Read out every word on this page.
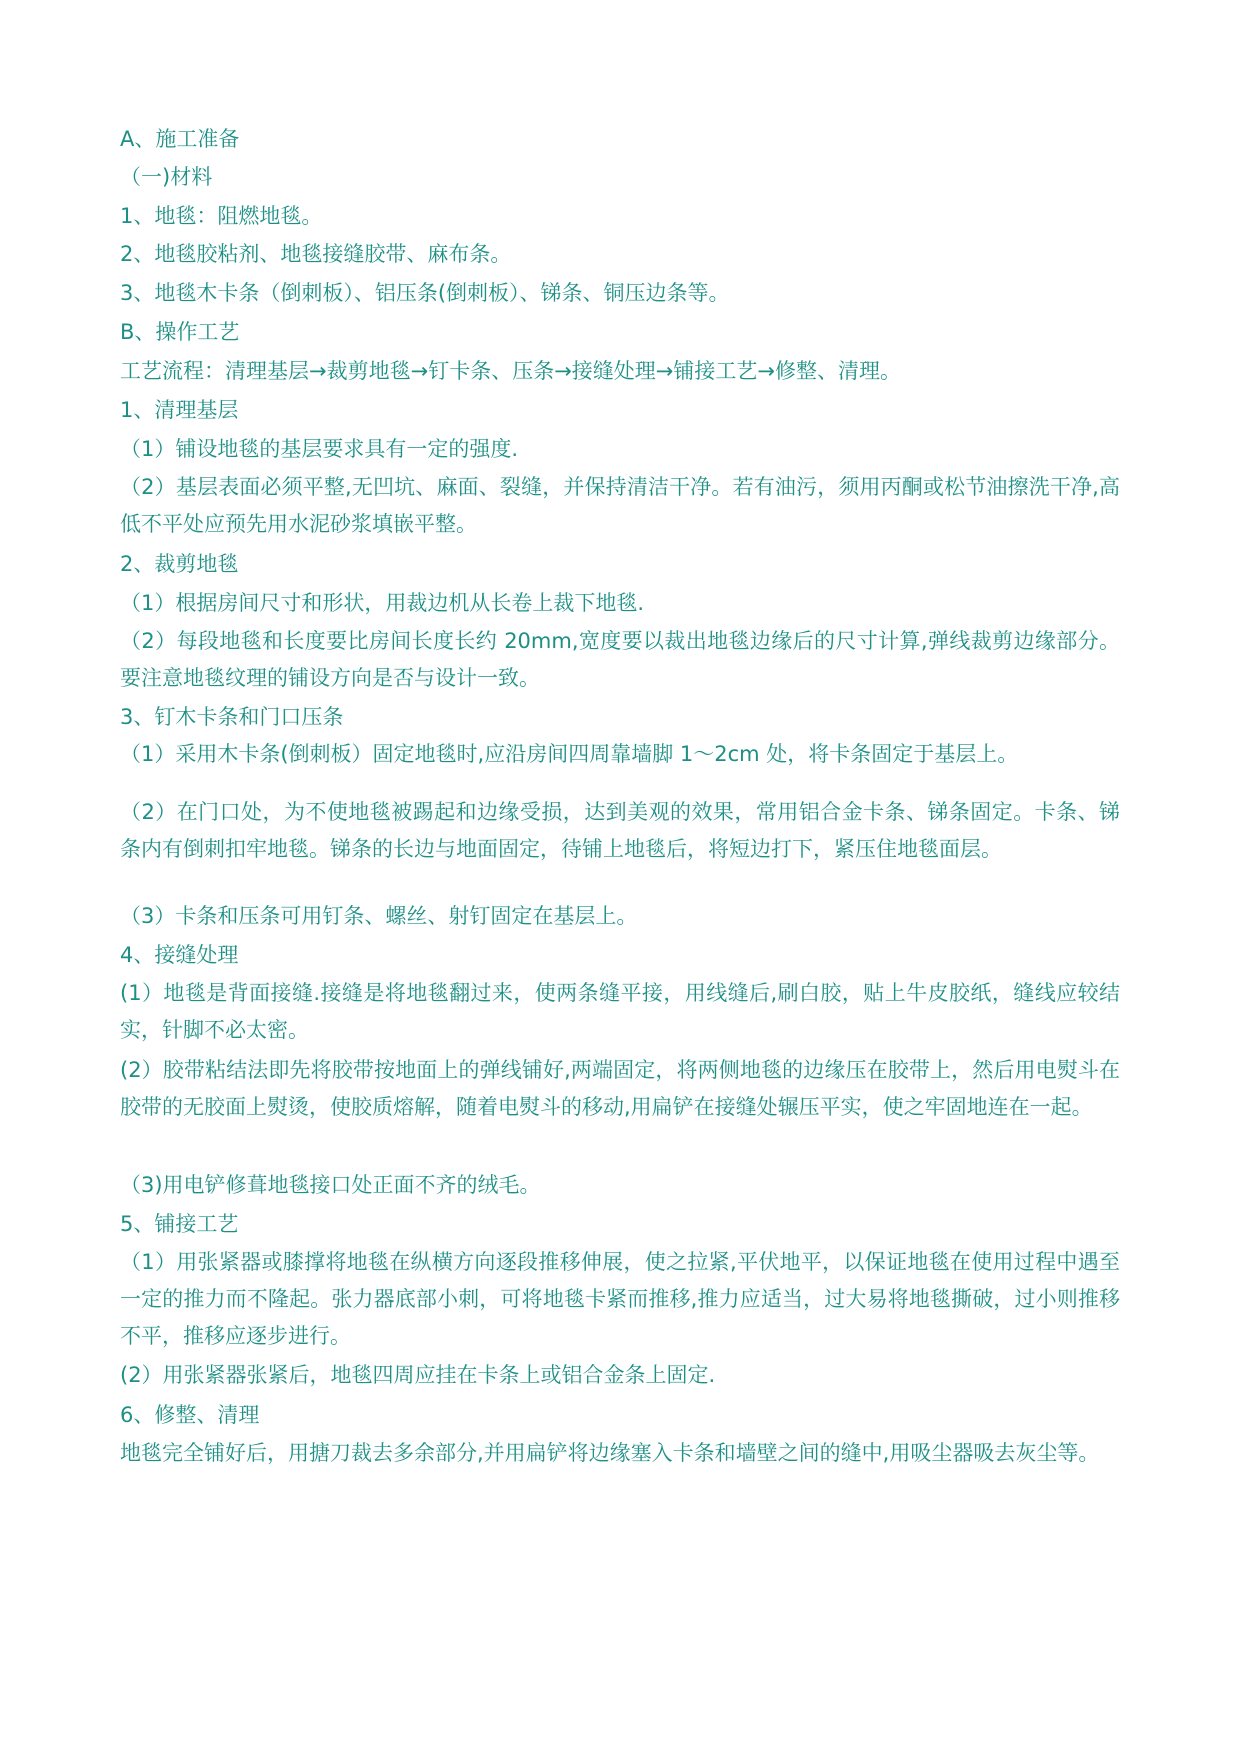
A、施工准备
（一)材料
1、地毯：阻燃地毯。
2、地毯胶粘剂、地毯接缝胶带、麻布条。
3、地毯木卡条（倒刺板）、铝压条(倒刺板）、锑条、铜压边条等。
B、操作工艺
工艺流程：清理基层→裁剪地毯→钉卡条、压条→接缝处理→铺接工艺→修整、清理。
1、清理基层
（1）铺设地毯的基层要求具有一定的强度.
（2）基层表面必须平整,无凹坑、麻面、裂缝，并保持清洁干净。若有油污，须用丙酮或松节油擦洗干净,高低不平处应预先用水泥砂浆填嵌平整。
2、裁剪地毯
（1）根据房间尺寸和形状，用裁边机从长卷上裁下地毯.
（2）每段地毯和长度要比房间长度长约 20mm,宽度要以裁出地毯边缘后的尺寸计算,弹线裁剪边缘部分。 要注意地毯纹理的铺设方向是否与设计一致。
3、钉木卡条和门口压条
（1）采用木卡条(倒刺板）固定地毯时,应沿房间四周靠墙脚 1～2cm 处，将卡条固定于基层上。
（2）在门口处，为不使地毯被踢起和边缘受损，达到美观的效果，常用铝合金卡条、锑条固定。卡条、锑条内有倒刺扣牢地毯。锑条的长边与地面固定，待铺上地毯后，将短边打下，紧压住地毯面层。
（3）卡条和压条可用钉条、螺丝、射钉固定在基层上。
4、接缝处理
(1）地毯是背面接缝.接缝是将地毯翻过来，使两条缝平接，用线缝后,刷白胶，贴上牛皮胶纸，缝线应较结实，针脚不必太密。
(2）胶带粘结法即先将胶带按地面上的弹线铺好,两端固定，将两侧地毯的边缘压在胶带上，然后用电熨斗在胶带的无胶面上熨烫，使胶质熔解，随着电熨斗的移动,用扁铲在接缝处辗压平实，使之牢固地连在一起。
（3)用电铲修葺地毯接口处正面不齐的绒毛。
5、铺接工艺
（1）用张紧器或膝撑将地毯在纵横方向逐段推移伸展，使之拉紧,平伏地平，以保证地毯在使用过程中遇至一定的推力而不隆起。张力器底部小刺，可将地毯卡紧而推移,推力应适当，过大易将地毯撕破，过小则推移不平，推移应逐步进行。
(2）用张紧器张紧后，地毯四周应挂在卡条上或铝合金条上固定.
6、修整、清理
地毯完全铺好后，用搪刀裁去多余部分,并用扁铲将边缘塞入卡条和墙壁之间的缝中,用吸尘器吸去灰尘等。
